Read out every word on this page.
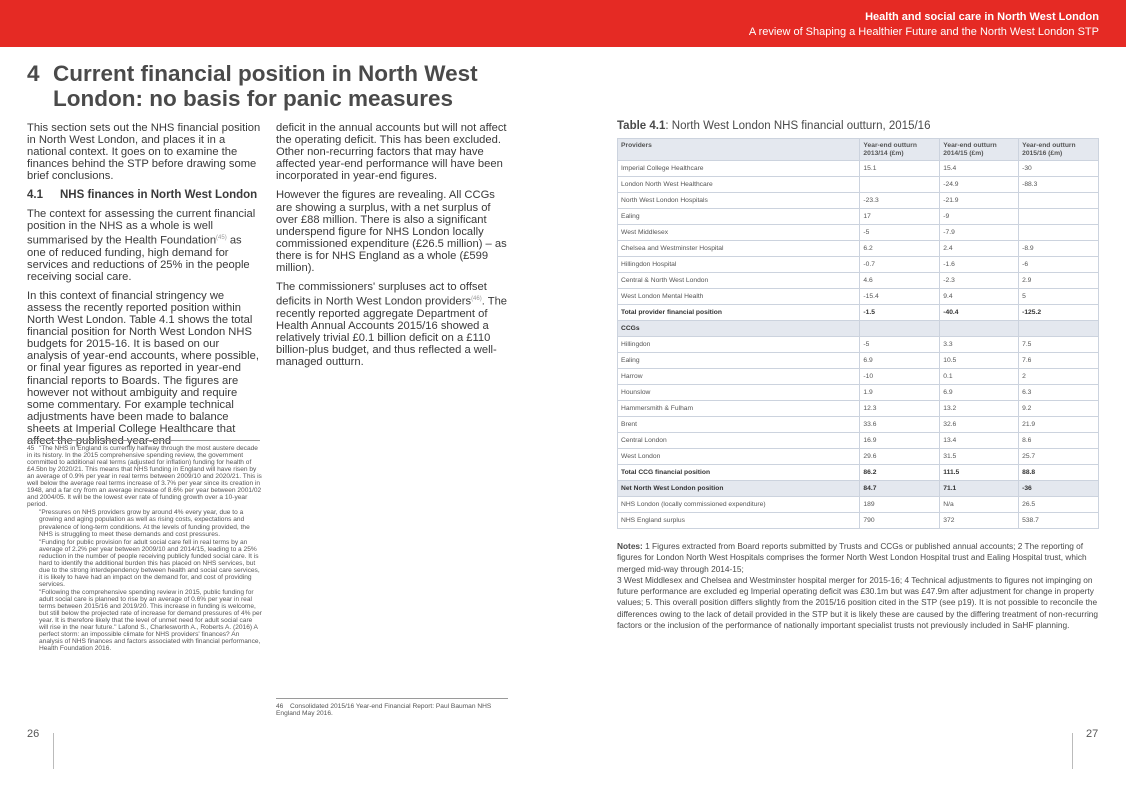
Health and social care in North West London
A review of Shaping a Healthier Future and the North West London STP
4 Current financial position in North West
London: no basis for panic measures

This section sets out the NHS financial position in North West London, and places it in a national context. It goes on to examine the finances behind the STP before drawing some brief conclusions.

4.1 NHS finances in North West London

The context for assessing the current financial position in the NHS as a whole is well summarised by the Health Foundation$^{(45)}$ as one of reduced funding, high demand for services and reductions of 25% in the people receiving social care.

In this context of financial stringency we assess the recently reported position within North West London. Table 4.1 shows the total financial position for North West London NHS budgets for 2015-16. It is based on our analysis of year-end accounts, where possible, or final year figures as reported in year-end financial reports to Boards. The figures are however not without ambiguity and require some commentary. For example technical adjustments have been made to balance sheets at Imperial College Healthcare that

deficit in the annual accounts but will not affect the operating deficit. This has been excluded. Other non-recurring factors that may have affected year-end performance will have been incorporated in year-end figures.

However the figures are revealing. All CCGs are showing a surplus, with a net surplus of over £88 million. There is also a significant underspend figure for NHS London locally commissioned expenditure (£26.5 million) – as there is for NHS England as a whole (£599 million).

The commissioners' surpluses act to offset deficits in North West London providers$^{(46)}$. The recently reported aggregate Department of Health Annual Accounts 2015/16 showed a relatively trivial £0.1 billion deficit on a £110 billion-plus budget, and thus reflected a well-managed outturn.

45 "The NHS in England is currently halfway through the most austere decade in its history. In the 2015 comprehensive spending review, the government committed to additional real terms (adjusted for inflation) funding for health of £4.5bn by 2020/21. This means that NHS funding in England will have risen by an average of 0.9% per year in real terms between 2009/10 and 2020/21. This is well below the average real terms increase of 3.7% per year since its creation in 1948, and a far cry from an average increase of 8.6% per year between 2001/02 and 2004/05. It will be the lowest ever rate of funding growth over a 10-year period.

"Pressures on NHS providers grow by around 4% every year, due to a growing and aging population as well as rising costs, expectations and prevalence of long-term conditions. At the levels of funding provided, the NHS is struggling to meet these demands and cost pressures.

"Funding for public provision for adult social care fell in real terms by an average of 2.2% per year between 2009/10 and 2014/15, leading to a 25% reduction in the number of people receiving publicly funded social care. It is hard to identify the additional burden this has placed on NHS services, but due to the strong interdependency between health and social care services, it is likely to have had an impact on the demand for, and cost of providing services.

"Following the comprehensive spending review in 2015, public funding for adult social care is planned to rise by an average of 0.6% per year in real terms between 2015/16 and 2019/20. This increase in funding is welcome, but still below the projected rate of increase for demand pressures of 4% per year. It is therefore likely that the level of unmet need for adult social care will rise in the near future." Lafond S., Charlesworth A., Roberts A. (2016) A perfect storm: an impossible climate for NHS providers' finances? An analysis of NHS finances and factors associated with financial performance, Health Foundation 2016.

46 Consolidated 2015/16 Year-end Financial Report: Paul Bauman NHS England May 2016.

26	27
Table 4.1: North West London NHS financial outturn, 2015/16
Providers	Year-end outturn 2013/14 (£m)	Year-end outturn 2014/15 (£m)	Year-end outturn 2015/16 (£m)
Imperial College Healthcare	15.1	15.4	-30
London North West Healthcare		-24.9	-88.3
North West London Hospitals	-23.3	-21.9	
Ealing	17	-9	
West Middlesex	-5	-7.9	
Chelsea and Westminster Hospital	6.2	2.4	-8.9
Hillingdon Hospital	-0.7	-1.6	-6
Central & North West London	4.6	-2.3	2.9
West London Mental Health	-15.4	9.4	5
Total provider financial position	-1.5	-40.4	-125.2
CCGs			
Hillingdon	-5	3.3	7.5
Ealing	6.9	10.5	7.6
Harrow	-10	0.1	2
Hounslow	1.9	6.9	6.3
Hammersmith & Fulham	12.3	13.2	9.2
Brent	33.6	32.6	21.9
Central London	16.9	13.4	8.6
West London	29.6	31.5	25.7
Total CCG financial position	86.2	111.5	88.8
Net North West London position	84.7	71.1	-36
NHS London (locally commissioned expenditure)	189	N/a	26.5
NHS England surplus	790	372	538.7
Notes: 1 Figures extracted from Board reports submitted by Trusts and CCGs or published annual accounts; 2 The reporting of figures for London North West Hospitals comprises the former North West London Hospital trust and Ealing Hospital trust, which merged mid-way through 2014-15;
3 West Middlesex and Chelsea and Westminster hospital merger for 2015-16; 4 Technical adjustments to figures not impinging on future performance are excluded eg Imperial operating deficit was £30.1m but was £47.9m after adjustment for change in property values; 5. This overall position differs slightly from the 2015/16 position cited in the STP (see p19). It is not possible to reconcile the differences owing to the lack of detail provided in the STP but it is likely these are caused by the differing treatment of non-recurring factors or the inclusion of the performance of nationally important specialist trusts not previously included in SaHF planning.
